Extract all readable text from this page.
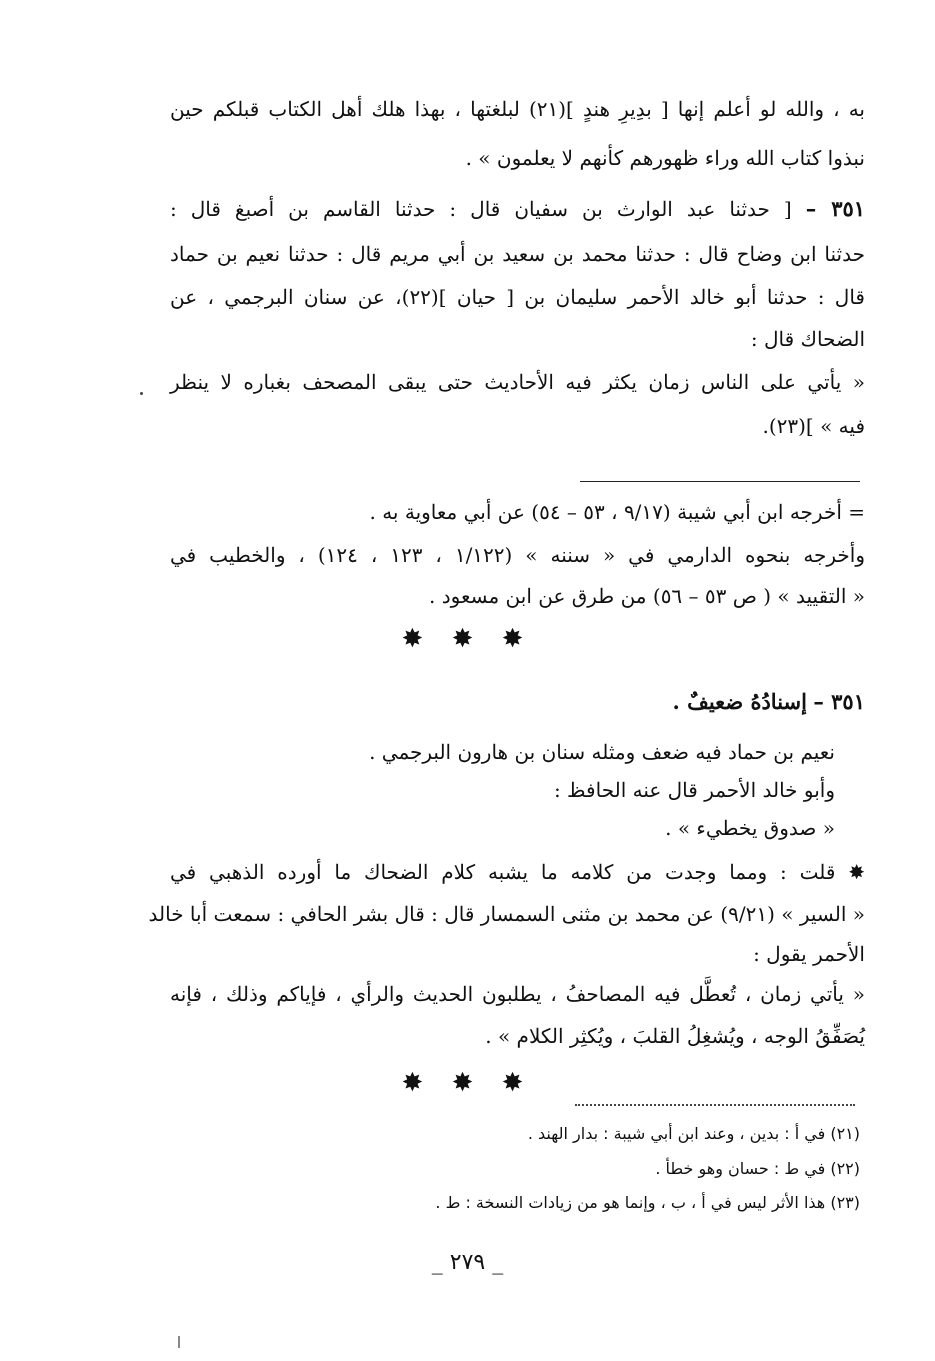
به ، والله لو أعلم إنها [ بدِيرِ هندٍ ](٢١) لبلغتها ، بهذا هلك أهل الكتاب قبلكم حين
نبذوا كتاب الله وراء ظهورهم كأنهم لا يعلمون » .
٣٥١ – [ حدثنا عبد الوارث بن سفيان قال : حدثنا القاسم بن أصبغ قال :
حدثنا ابن وضاح قال : حدثنا محمد بن سعيد بن أبي مريم قال : حدثنا نعيم بن حماد
قال : حدثنا أبو خالد الأحمر سليمان بن [ حيان ](٢٢)، عن سنان البرجمي ، عن
الضحاك قال :
« يأتي على الناس زمان يكثر فيه الأحاديث حتى يبقى المصحف بغباره لا ينظر
فيه » ](٢٣).
= أخرجه ابن أبي شيبة (٩/١٧ ، ٥٣ – ٥٤) عن أبي معاوية به .
وأخرجه بنحوه الدارمي في « سننه » (١/١٢٢ ، ١٢٣ ، ١٢٤) ، والخطيب في
« التقييد » ( ص ٥٣ – ٥٦) من طرق عن ابن مسعود .
✸ ✸ ✸
٣٥١ – إسنادُهُ ضعيفٌ .
نعيم بن حماد فيه ضعف ومثله سنان بن هارون البرجمي .
وأبو خالد الأحمر قال عنه الحافظ :
« صدوق يخطيء » .
✸ قلت : ومما وجدت من كلامه ما يشبه كلام الضحاك ما أورده الذهبي في
« السير » (٩/٢١) عن محمد بن مثنى السمسار قال : قال بشر الحافي : سمعت أبا خالد
الأحمر يقول :
« يأتي زمان ، تُعطَّل فيه المصاحفُ ، يطلبون الحديث والرأي ، فإياكم وذلك ، فإنه
يُصَفِّقُ الوجه ، ويُشغِلُ القلبَ ، ويُكثِر الكلام » .
✸ ✸ ✸
(٢١) في أ : بدين ، وعند ابن أبي شيبة : بدار الهند .
(٢٢) في ط : حسان وهو خطأ .
(٢٣) هذا الأثر ليس في أ ، ب ، وإنما هو من زيادات النسخة : ط .
_ ٢٧٩ _
